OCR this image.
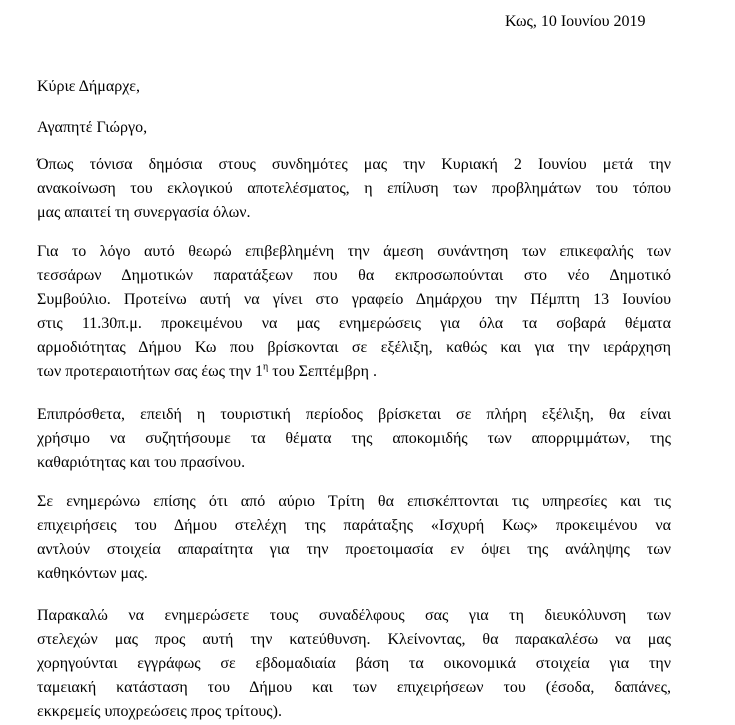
Κως, 10 Ιουνίου 2019
Κύριε Δήμαρχε,
Αγαπητέ Γιώργο,
Όπως τόνισα δημόσια στους συνδημότες μας την Κυριακή 2 Ιουνίου μετά την
ανακοίνωση του εκλογικού αποτελέσματος, η επίλυση των προβλημάτων του τόπου
μας απαιτεί τη συνεργασία όλων.
Για το λόγο αυτό θεωρώ επιβεβλημένη την άμεση συνάντηση των επικεφαλής των
τεσσάρων Δημοτικών παρατάξεων που θα εκπροσωπούνται στο νέο Δημοτικό
Συμβούλιο. Προτείνω αυτή να γίνει στο γραφείο Δημάρχου την Πέμπτη 13 Ιουνίου
στις 11.30π.μ. προκειμένου να μας ενημερώσεις για όλα τα σοβαρά θέματα
αρμοδιότητας Δήμου Κω που βρίσκονται σε εξέλιξη, καθώς και για την ιεράρχηση
των προτεραιοτήτων σας έως την $1^\eta$ του Σεπτέμβρη .
Επιπρόσθετα, επειδή η τουριστική περίοδος βρίσκεται σε πλήρη εξέλιξη, θα είναι
χρήσιμο να συζητήσουμε τα θέματα της αποκομιδής των απορριμμάτων, της
καθαριότητας και του πρασίνου.
Σε ενημερώνω επίσης ότι από αύριο Τρίτη θα επισκέπτονται τις υπηρεσίες και τις
επιχειρήσεις του Δήμου στελέχη της παράταξης «Ισχυρή Κως» προκειμένου να
αντλούν στοιχεία απαραίτητα για την προετοιμασία εν όψει της ανάληψης των
καθηκόντων μας.
Παρακαλώ να ενημερώσετε τους συναδέλφους σας για τη διευκόλυνση των
στελεχών μας προς αυτή την κατεύθυνση. Κλείνοντας, θα παρακαλέσω να μας
χορηγούνται εγγράφως σε εβδομαδιαία βάση τα οικονομικά στοιχεία για την
ταμειακή κατάσταση του Δήμου και των επιχειρήσεων του (έσοδα, δαπάνες,
εκκρεμείς υποχρεώσεις προς τρίτους).
